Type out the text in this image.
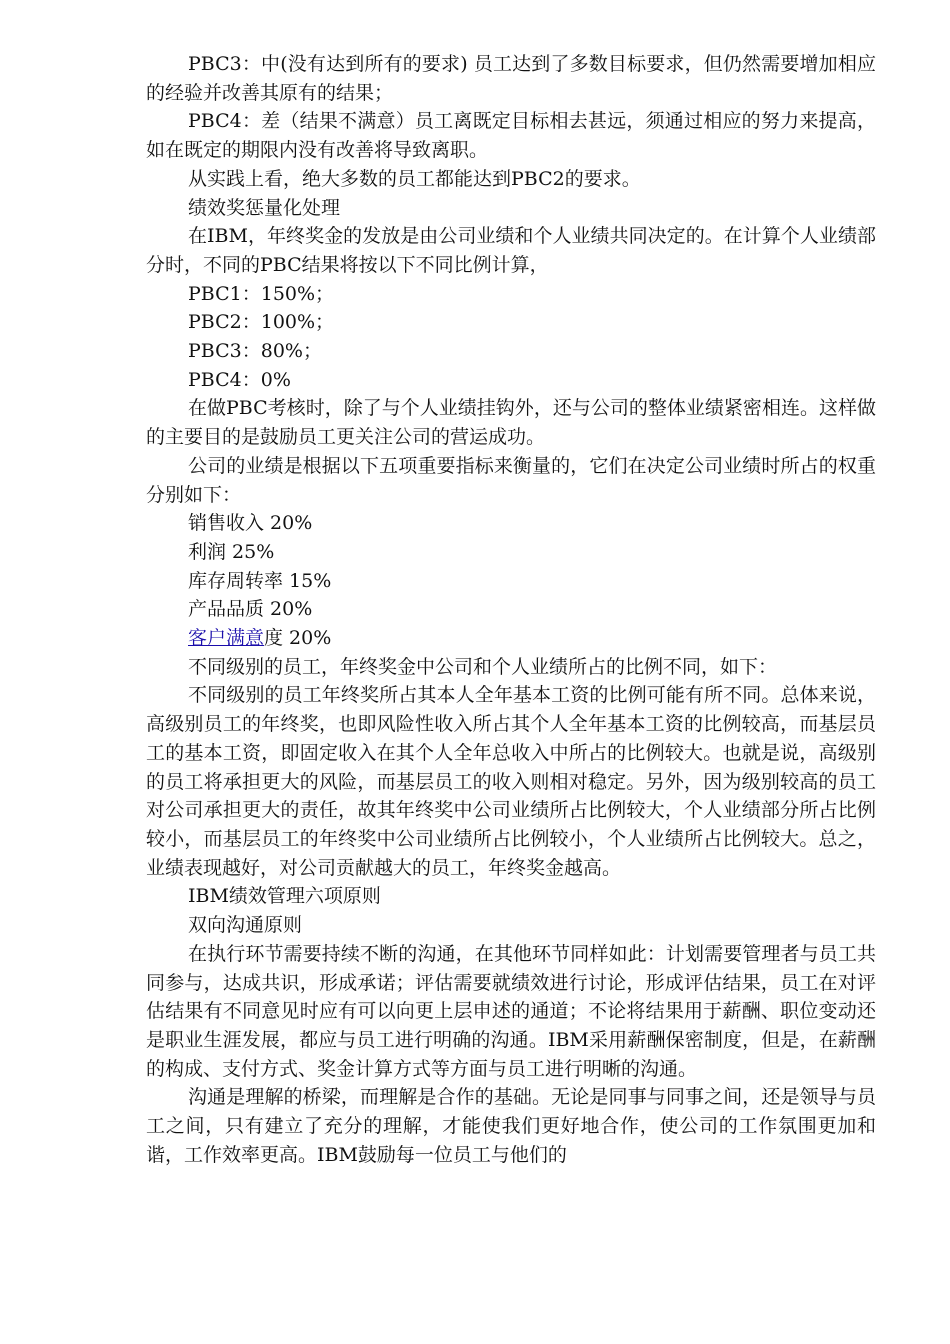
PBC3：中(没有达到所有的要求) 员工达到了多数目标要求，但仍然需要增加相应的经验并改善其原有的结果；

PBC4：差（结果不满意）员工离既定目标相去甚远，须通过相应的努力来提高，如在既定的期限内没有改善将导致离职。

从实践上看，绝大多数的员工都能达到PBC2的要求。

绩效奖惩量化处理

在IBM，年终奖金的发放是由公司业绩和个人业绩共同决定的。在计算个人业绩部分时，不同的PBC结果将按以下不同比例计算，

PBC1：150%；

PBC2：100%；

PBC3：80%；

PBC4：0%

在做PBC考核时，除了与个人业绩挂钩外，还与公司的整体业绩紧密相连。这样做的主要目的是鼓励员工更关注公司的营运成功。

公司的业绩是根据以下五项重要指标来衡量的，它们在决定公司业绩时所占的权重分别如下：

销售收入 20%

利润 25%

库存周转率 15%

产品品质 20%

客户满意度 20%

不同级别的员工，年终奖金中公司和个人业绩所占的比例不同，如下：

不同级别的员工年终奖所占其本人全年基本工资的比例可能有所不同。总体来说，高级别员工的年终奖，也即风险性收入所占其个人全年基本工资的比例较高，而基层员工的基本工资，即固定收入在其个人全年总收入中所占的比例较大。也就是说，高级别的员工将承担更大的风险，而基层员工的收入则相对稳定。另外，因为级别较高的员工对公司承担更大的责任，故其年终奖中公司业绩所占比例较大，个人业绩部分所占比例较小，而基层员工的年终奖中公司业绩所占比例较小，个人业绩所占比例较大。总之，业绩表现越好，对公司贡献越大的员工，年终奖金越高。

IBM绩效管理六项原则

双向沟通原则

在执行环节需要持续不断的沟通，在其他环节同样如此：计划需要管理者与员工共同参与，达成共识，形成承诺；评估需要就绩效进行讨论，形成评估结果，员工在对评估结果有不同意见时应有可以向更上层申述的通道；不论将结果用于薪酬、职位变动还是职业生涯发展，都应与员工进行明确的沟通。IBM采用薪酬保密制度，但是，在薪酬的构成、支付方式、奖金计算方式等方面与员工进行明晰的沟通。

沟通是理解的桥梁，而理解是合作的基础。无论是同事与同事之间，还是领导与员工之间，只有建立了充分的理解，才能使我们更好地合作，使公司的工作氛围更加和谐，工作效率更高。IBM鼓励每一位员工与他们的
